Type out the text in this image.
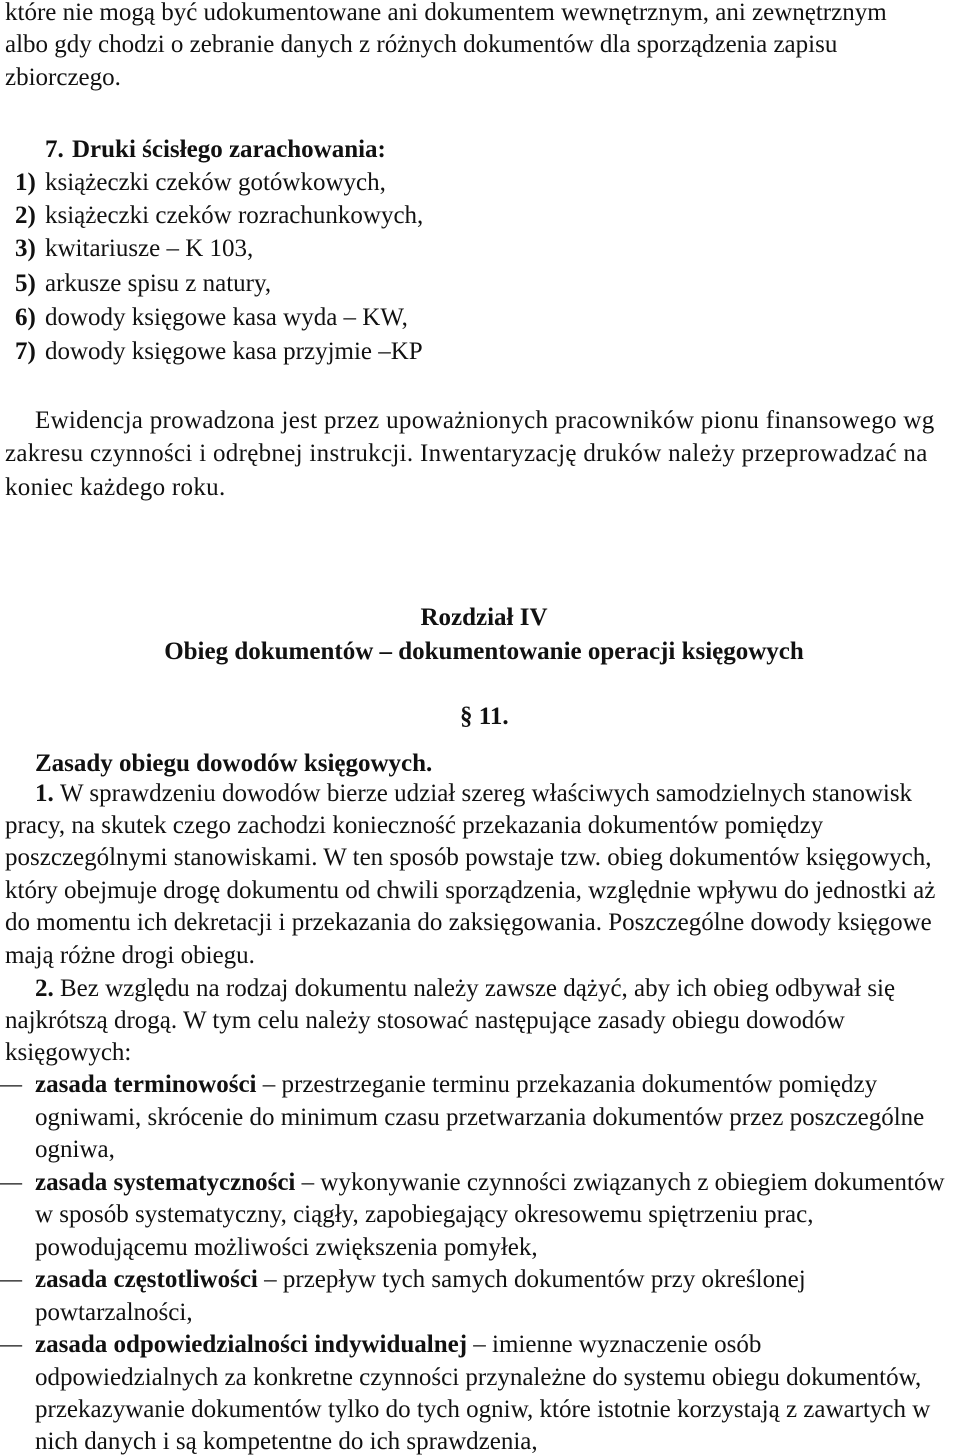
które nie mogą być udokumentowane ani dokumentem wewnętrznym, ani zewnętrznym
albo gdy chodzi o zebranie danych z różnych dokumentów dla sporządzenia zapisu
zbiorczego.
7. Druki ścisłego zarachowania:
1) książeczki czeków gotówkowych,
2) książeczki czeków rozrachunkowych,
3) kwitariusze – K 103,
5) arkusze spisu z natury,
6) dowody księgowe kasa wyda – KW,
7) dowody księgowe kasa przyjmie –KP
Ewidencja prowadzona jest przez upoważnionych pracowników pionu finansowego wg
zakresu czynności i odrębnej instrukcji. Inwentaryzację druków należy przeprowadzać na
koniec każdego roku.
Rozdział IV
Obieg dokumentów – dokumentowanie operacji księgowych
§ 11.
Zasady obiegu dowodów księgowych.
1. W sprawdzeniu dowodów bierze udział szereg właściwych samodzielnych stanowisk
pracy, na skutek czego zachodzi konieczność przekazania dokumentów pomiędzy
poszczególnymi stanowiskami. W ten sposób powstaje tzw. obieg dokumentów księgowych,
który obejmuje drogę dokumentu od chwili sporządzenia, względnie wpływu do jednostki aż
do momentu ich dekretacji i przekazania do zaksięgowania. Poszczególne dowody księgowe
mają różne drogi obiegu.
2. Bez względu na rodzaj dokumentu należy zawsze dążyć, aby ich obieg odbywał się
najkrótszą drogą. W tym celu należy stosować następujące zasady obiegu dowodów
księgowych:
– zasada terminowości – przestrzeganie terminu przekazania dokumentów pomiędzy
ogniwami, skrócenie do minimum czasu przetwarzania dokumentów przez poszczególne
ogniwa,
– zasada systematyczności – wykonywanie czynności związanych z obiegiem dokumentów
w sposób systematyczny, ciągły, zapobiegający okresowemu spiętrzeniu prac,
powodującemu możliwości zwiększenia pomyłek,
– zasada częstotliwości – przepływ tych samych dokumentów przy określonej
powtarzalności,
– zasada odpowiedzialności indywidualnej – imienne wyznaczenie osób
odpowiedzialnych za konkretne czynności przynależne do systemu obiegu dokumentów,
przekazywanie dokumentów tylko do tych ogniw, które istotnie korzystają z zawartych w
nich danych i są kompetentne do ich sprawdzenia,
